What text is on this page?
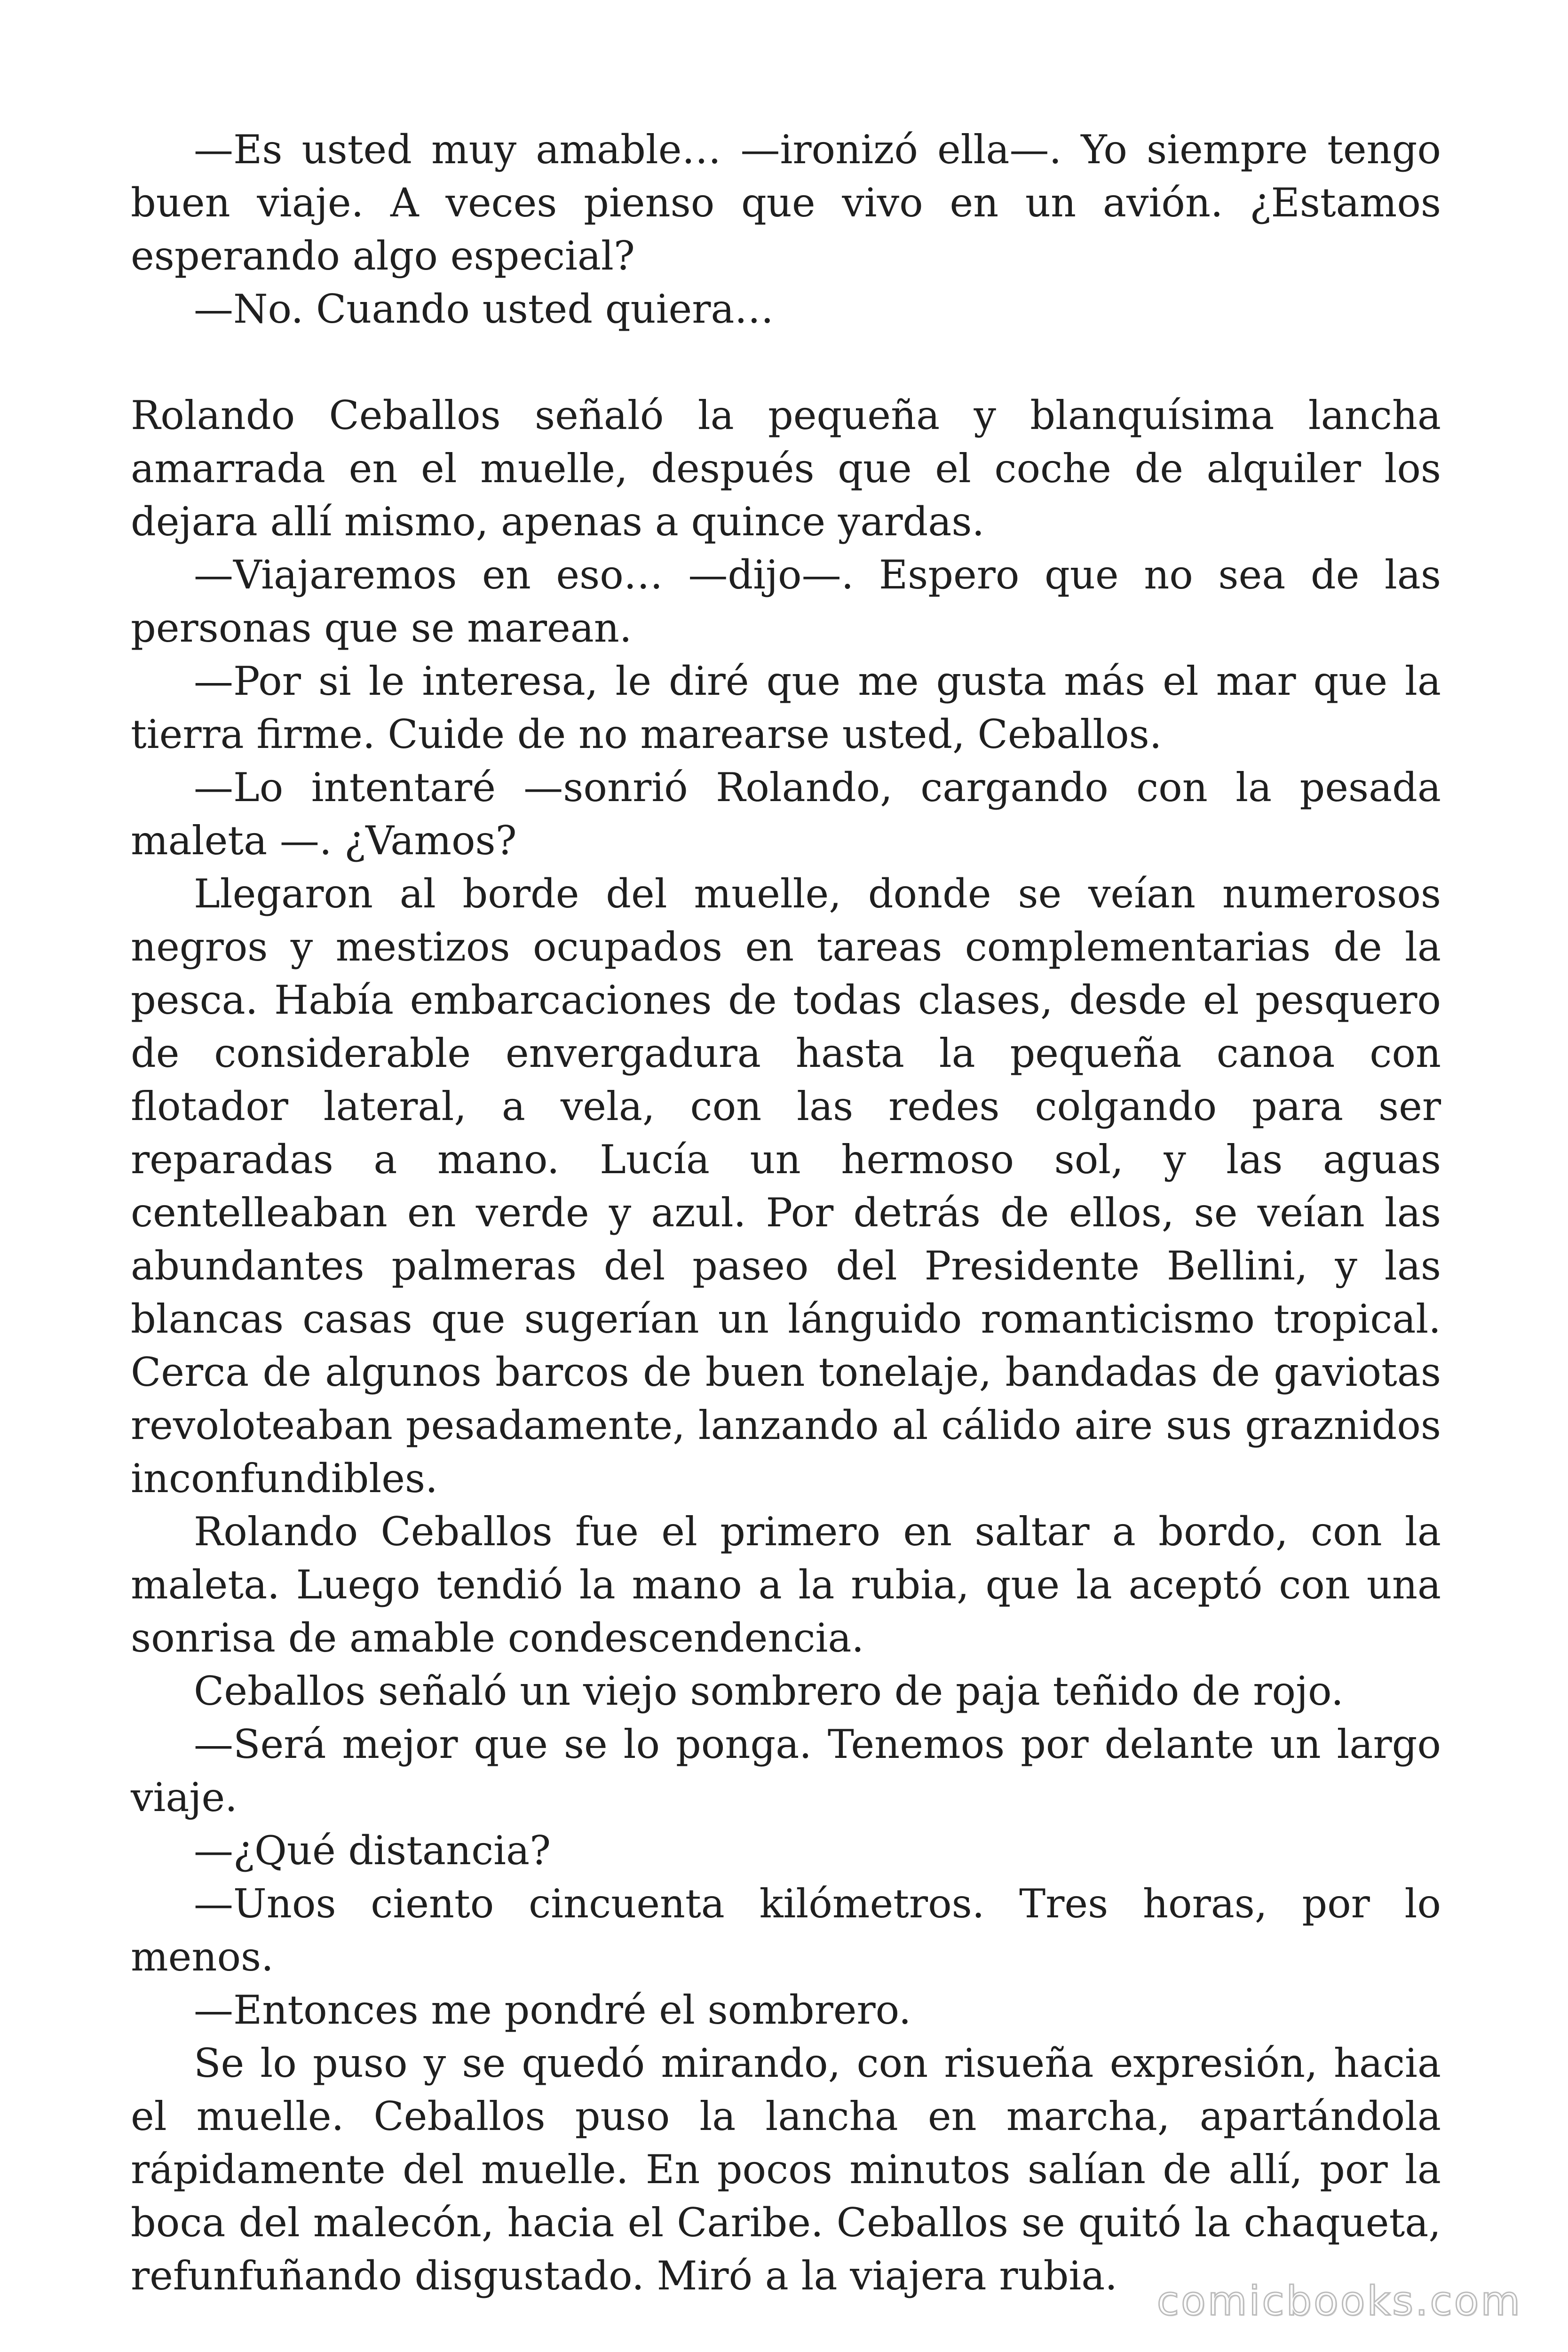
—Es usted muy amable… —ironizó ella—. Yo siempre tengo buen viaje. A veces pienso que vivo en un avión. ¿Estamos esperando algo especial?

—No. Cuando usted quiera…

Rolando Ceballos señaló la pequeña y blanquísima lancha amarrada en el muelle, después que el coche de alquiler los dejara allí mismo, apenas a quince yardas.

—Viajaremos en eso… —dijo—. Espero que no sea de las personas que se marean.

—Por si le interesa, le diré que me gusta más el mar que la tierra firme. Cuide de no marearse usted, Ceballos.

—Lo intentaré —sonrió Rolando, cargando con la pesada maleta —. ¿Vamos?

Llegaron al borde del muelle, donde se veían numerosos negros y mestizos ocupados en tareas complementarias de la pesca. Había embarcaciones de todas clases, desde el pesquero de considerable envergadura hasta la pequeña canoa con flotador lateral, a vela, con las redes colgando para ser reparadas a mano. Lucía un hermoso sol, y las aguas centelleaban en verde y azul. Por detrás de ellos, se veían las abundantes palmeras del paseo del Presidente Bellini, y las blancas casas que sugerían un lánguido romanticismo tropical. Cerca de algunos barcos de buen tonelaje, bandadas de gaviotas revoloteaban pesadamente, lanzando al cálido aire sus graznidos inconfundibles.

Rolando Ceballos fue el primero en saltar a bordo, con la maleta. Luego tendió la mano a la rubia, que la aceptó con una sonrisa de amable condescendencia.

Ceballos señaló un viejo sombrero de paja teñido de rojo.

—Será mejor que se lo ponga. Tenemos por delante un largo viaje.

—¿Qué distancia?

—Unos ciento cincuenta kilómetros. Tres horas, por lo menos.

—Entonces me pondré el sombrero.

Se lo puso y se quedó mirando, con risueña expresión, hacia el muelle. Ceballos puso la lancha en marcha, apartándola rápidamente del muelle. En pocos minutos salían de allí, por la boca del malecón, hacia el Caribe. Ceballos se quitó la chaqueta, refunfuñando disgustado. Miró a la viajera rubia.

comicbooks.com
